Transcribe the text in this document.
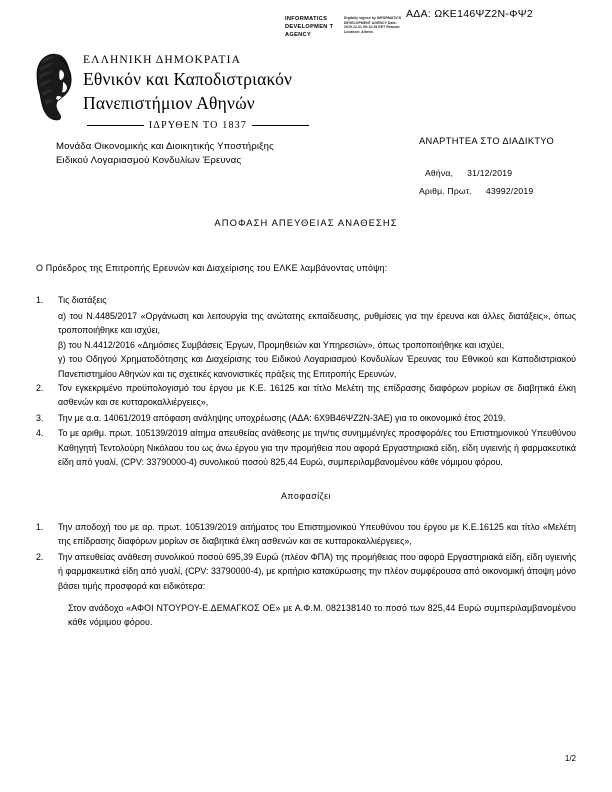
ΑΔΑ: ΩΚΕ146ΨΖ2Ν-ΦΨ2
INFORMATICS DEVELOPMEN T AGENCY
Digitally signed by INFORMATICS DEVELOPMENT AGENCY Date: 2019.12.31 09:12:26 EET Reason: Location: Athens
ΕΛΛΗΝΙΚΗ ΔΗΜΟΚΡΑΤΙΑ
Εθνικόν και Καποδιστριακόν
Πανεπιστήμιον Αθηνών
ΙΔΡΥΘΕΝ ΤΟ 1837
Μονάδα Οικονομικής και Διοικητικής Υποστήριξης
Ειδικού Λογαριασμού Κονδυλίων Έρευνας
ΑΝΑΡΤΗΤΕΑ ΣΤΟ ΔΙΑΔΙΚΤΥΟ
Αθήνα, 31/12/2019
Αριθμ. Πρωτ. 43992/2019
ΑΠΟΦΑΣΗ ΑΠΕΥΘΕΙΑΣ ΑΝΑΘΕΣΗΣ
Ο Πρόεδρος της Επιτροπής Ερευνών και Διαχείρισης του ΕΛΚΕ λαμβάνοντας υπόψη:
1.	Τις διατάξεις
α) του Ν.4485/2017 «Οργάνωση και λειτουργία της ανώτατης εκπαίδευσης, ρυθμίσεις για την έρευνα και άλλες διατάξεις», όπως τροποποιήθηκε και ισχύει,
β) του Ν.4412/2016 «Δημόσιες Συμβάσεις Έργων, Προμηθειών και Υπηρεσιών», όπως τροποποιήθηκε και ισχύει,
γ) του Οδηγού Χρηματοδότησης και Διαχείρισης του Ειδικού Λογαριασμού Κονδυλίων Έρευνας του Εθνικού και Καποδιστριακού Πανεπιστημίου Αθηνών και τις σχετικές κανονιστικές πράξεις της Επιτροπής Ερευνών,
2.	Τον εγκεκριμένο προϋπολογισμό του έργου με Κ.Ε. 16125 και τίτλο Μελέτη της επίδρασης διαφόρων μορίων σε διαβητικά έλκη ασθενών και σε κυτταροκαλλιέργειες»,
3.	Την με α.α. 14061/2019 απόφαση ανάληψης υποχρέωσης (ΑΔΑ: 6Χ9Β46ΨΖ2Ν-3ΑΕ) για το οικονομικό έτος 2019.
4.	Το με αριθμ. πρωτ. 105139/2019 αίτημα απευθείας ανάθεσης με την/τις συνημμένη/ες προσφορά/ες του Επιστημονικού Υπευθύνου Καθηγητή Τεντολούρη Νικόλαου του ως άνω έργου για την προμήθεια που αφορά Εργαστηριακά είδη, είδη υγιεινής ή φαρμακευτικά είδη από γυαλί, (CPV: 33790000-4) συνολικού ποσού 825,44 Ευρώ, συμπεριλαμβανομένου κάθε νόμιμου φόρου.
Αποφασίζει
1.	Την αποδοχή του με αρ. πρωτ. 105139/2019 αιτήματος του Επιστημονικού Υπευθύνου του έργου με Κ.Ε.16125 και τίτλο «Μελέτη της επίδρασης διαφόρων μορίων σε διαβητικά έλκη ασθενών και σε κυτταροκαλλιέργειες»,
2.	Την απευθείας ανάθεση συνολικού ποσού 695,39 Ευρώ (πλέον ΦΠΑ) της προμήθειας που αφορά Εργαστηριακά είδη, είδη υγιεινής ή φαρμακευτικά είδη από γυαλί, (CPV: 33790000-4), με κριτήριο κατακύρωσης την πλέον συμφέρουσα από οικονομική άποψη μόνο βάσει τιμής προσφορά και ειδικότερα:
Στον ανάδοχο «ΑΦΟΙ ΝΤΟΥΡΟΥ-Ε.ΔΕΜΑΓΚΟΣ ΟΕ» με Α.Φ.Μ. 082138140 το ποσό των 825,44 Ευρώ συμπεριλαμβανομένου κάθε νόμιμου φόρου.
1/2
